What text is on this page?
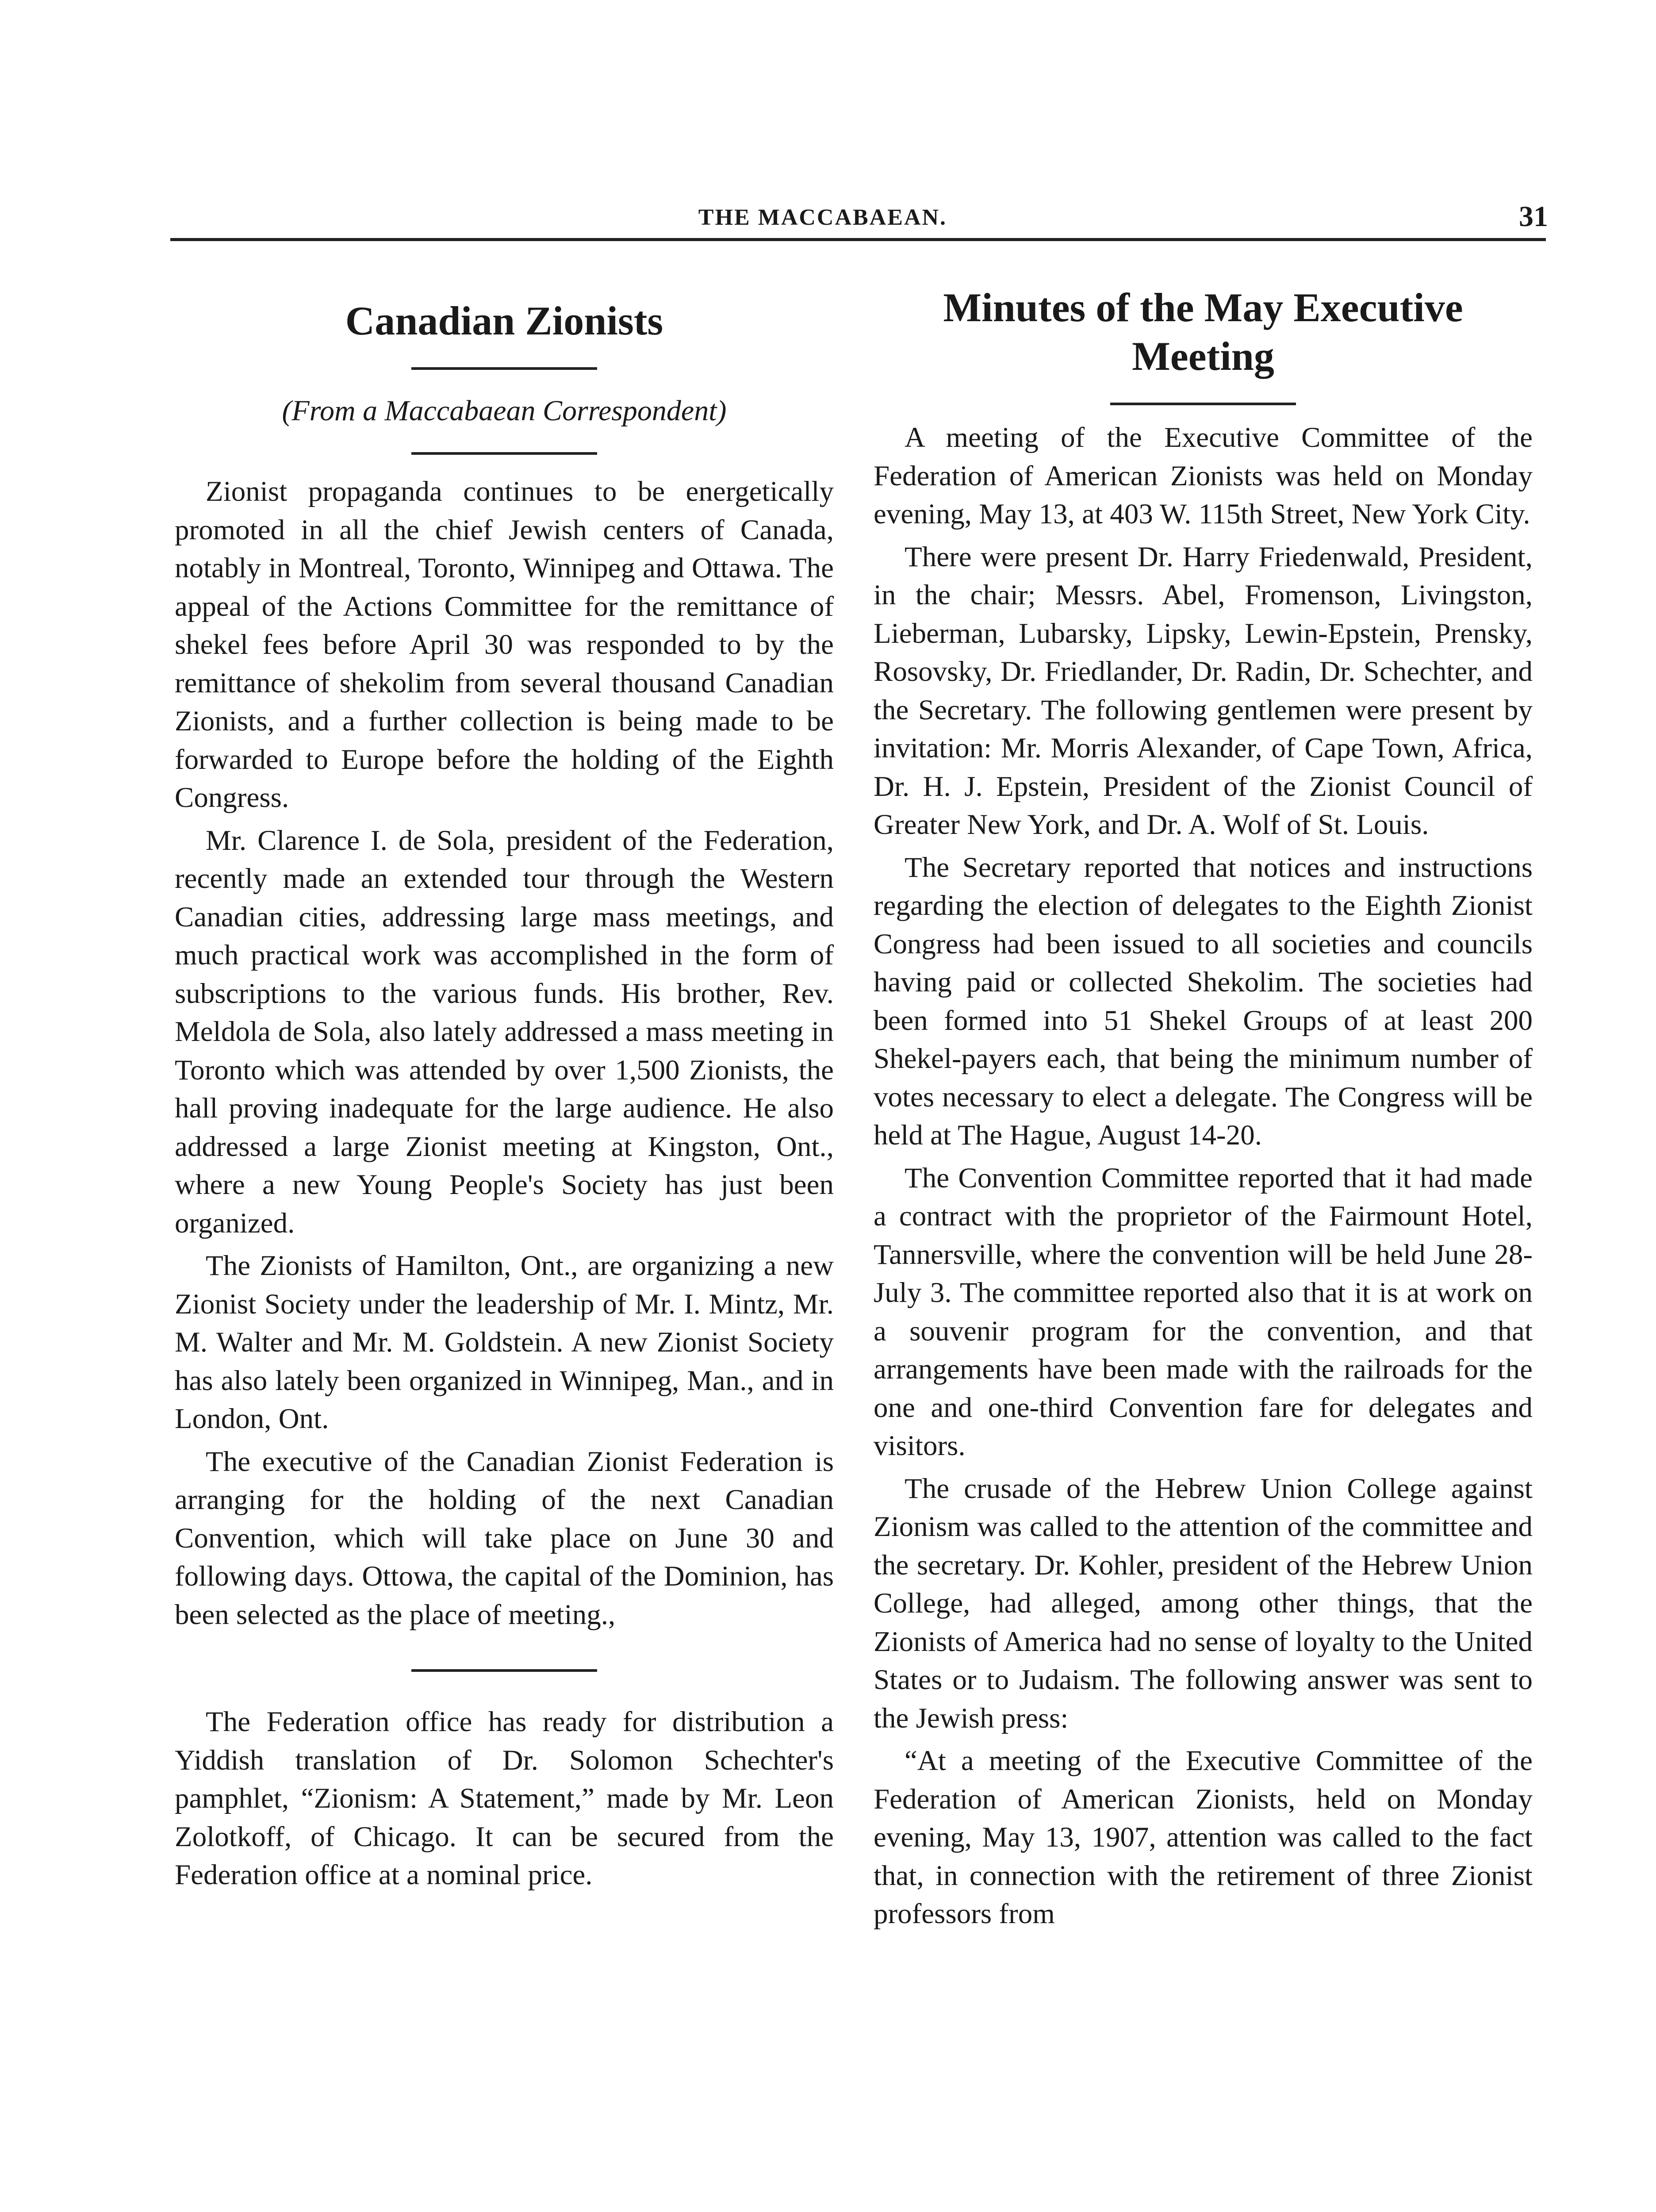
THE MACCABAEAN.	31
Canadian Zionists
(From a Maccabaean Correspondent)

Zionist propaganda continues to be energetically promoted in all the chief Jewish centers of Canada, notably in Montreal, Toronto, Winnipeg and Ottawa. The appeal of the Actions Committee for the remittance of shekel fees before April 30 was responded to by the remittance of shekolim from several thousand Canadian Zionists, and a further collection is being made to be forwarded to Europe before the holding of the Eighth Congress.

Mr. Clarence I. de Sola, president of the Federation, recently made an extended tour through the Western Canadian cities, addressing large mass meetings, and much practical work was accomplished in the form of subscriptions to the various funds. His brother, Rev. Meldola de Sola, also lately addressed a mass meeting in Toronto which was attended by over 1,500 Zionists, the hall proving inadequate for the large audience. He also addressed a large Zionist meeting at Kingston, Ont., where a new Young People's Society has just been organized.

The Zionists of Hamilton, Ont., are organizing a new Zionist Society under the leadership of Mr. I. Mintz, Mr. M. Walter and Mr. M. Goldstein. A new Zionist Society has also lately been organized in Winnipeg, Man., and in London, Ont.

The executive of the Canadian Zionist Federation is arranging for the holding of the next Canadian Convention, which will take place on June 30 and following days. Ottowa, the capital of the Dominion, has been selected as the place of meeting.,

The Federation office has ready for distribution a Yiddish translation of Dr. Solomon Schechter's pamphlet, “Zionism: A Statement,” made by Mr. Leon Zolotkoff, of Chicago. It can be secured from the Federation office at a nominal price.

Minutes of the May Executive Meeting

A meeting of the Executive Committee of the Federation of American Zionists was held on Monday evening, May 13, at 403 W. 115th Street, New York City.

There were present Dr. Harry Friedenwald, President, in the chair; Messrs. Abel, Fromenson, Livingston, Lieberman, Lubarsky, Lipsky, Lewin-Epstein, Prensky, Rosovsky, Dr. Friedlander, Dr. Radin, Dr. Schechter, and the Secretary. The following gentlemen were present by invitation: Mr. Morris Alexander, of Cape Town, Africa, Dr. H. J. Epstein, President of the Zionist Council of Greater New York, and Dr. A. Wolf of St. Louis.

The Secretary reported that notices and instructions regarding the election of delegates to the Eighth Zionist Congress had been issued to all societies and councils having paid or collected Shekolim. The societies had been formed into 51 Shekel Groups of at least 200 Shekel-payers each, that being the minimum number of votes necessary to elect a delegate. The Congress will be held at The Hague, August 14-20.

The Convention Committee reported that it had made a contract with the proprietor of the Fairmount Hotel, Tannersville, where the convention will be held June 28-July 3. The committee reported also that it is at work on a souvenir program for the convention, and that arrangements have been made with the railroads for the one and one-third Convention fare for delegates and visitors.

The crusade of the Hebrew Union College against Zionism was called to the attention of the committee and the secretary. Dr. Kohler, president of the Hebrew Union College, had alleged, among other things, that the Zionists of America had no sense of loyalty to the United States or to Judaism. The following answer was sent to the Jewish press:

“At a meeting of the Executive Committee of the Federation of American Zionists, held on Monday evening, May 13, 1907, attention was called to the fact that, in connection with the retirement of three Zionist professors from
